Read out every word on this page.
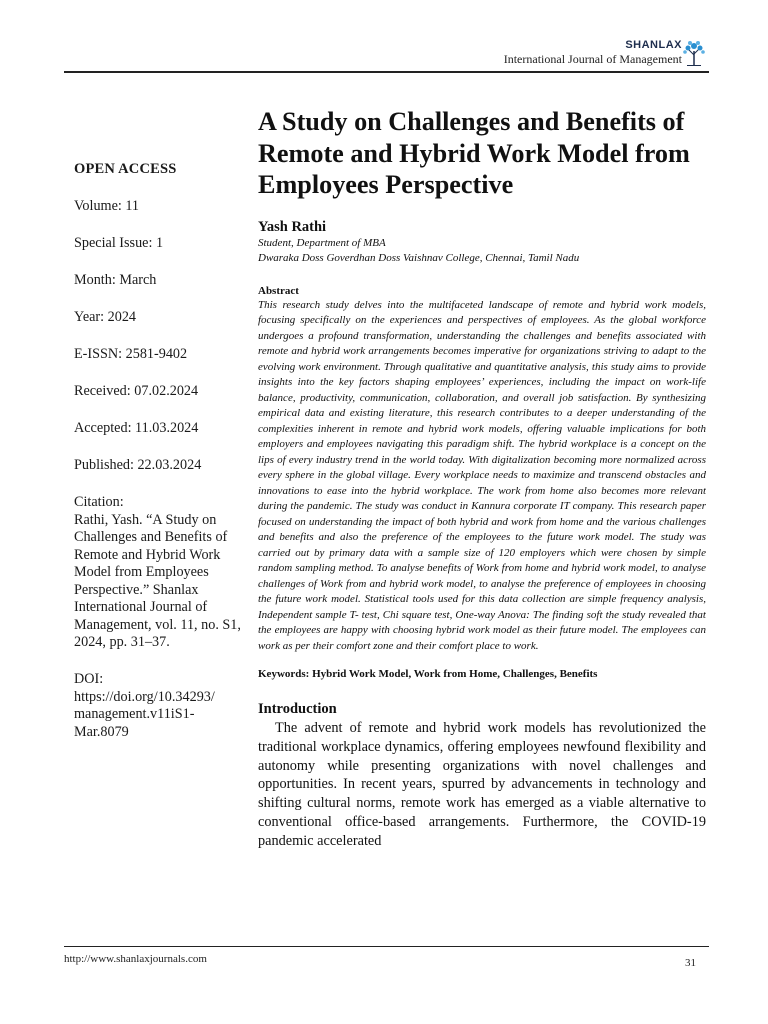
SHANLAX
International Journal of Management
OPEN ACCESS
Volume: 11
Special Issue: 1
Month: March
Year: 2024
E-ISSN: 2581-9402
Received: 07.02.2024
Accepted: 11.03.2024
Published: 22.03.2024
Citation:
Rathi, Yash. “A Study on Challenges and Benefits of Remote and Hybrid Work Model from Employees Perspective.” Shanlax International Journal of Management, vol. 11, no. S1, 2024, pp. 31–37.
DOI:
https://doi.org/10.34293/ management.v11iS1-Mar.8079
A Study on Challenges and Benefits of Remote and Hybrid Work Model from Employees Perspective
Yash Rathi
Student, Department of MBA
Dwaraka Doss Goverdhan Doss Vaishnav College, Chennai, Tamil Nadu
Abstract

This research study delves into the multifaceted landscape of remote and hybrid work models, focusing specifically on the experiences and perspectives of employees. As the global workforce undergoes a profound transformation, understanding the challenges and benefits associated with remote and hybrid work arrangements becomes imperative for organizations striving to adapt to the evolving work environment. Through qualitative and quantitative analysis, this study aims to provide insights into the key factors shaping employees’ experiences, including the impact on work-life balance, productivity, communication, collaboration, and overall job satisfaction. By synthesizing empirical data and existing literature, this research contributes to a deeper understanding of the complexities inherent in remote and hybrid work models, offering valuable implications for both employers and employees navigating this paradigm shift. The hybrid workplace is a concept on the lips of every industry trend in the world today. With digitalization becoming more normalized across every sphere in the global village. Every workplace needs to maximize and transcend obstacles and innovations to ease into the hybrid workplace. The work from home also becomes more relevant during the pandemic. The study was conduct in Kannura corporate IT company. This research paper focused on understanding the impact of both hybrid and work from home and the various challenges and benefits and also the preference of the employees to the future work model. The study was carried out by primary data with a sample size of 120 employers which were chosen by simple random sampling method. To analyse benefits of Work from home and hybrid work model, to analyse challenges of Work from and hybrid work model, to analyse the preference of employees in choosing the future work model. Statistical tools used for this data collection are simple frequency analysis, Independent sample T- test, Chi square test, One-way Anova: The finding soft the study revealed that the employees are happy with choosing hybrid work model as their future model. The employees can work as per their comfort zone and their comfort place to work.

Keywords: Hybrid Work Model, Work from Home, Challenges, Benefits
Introduction

The advent of remote and hybrid work models has revolutionized the traditional workplace dynamics, offering employees newfound flexibility and autonomy while presenting organizations with novel challenges and opportunities. In recent years, spurred by advancements in technology and shifting cultural norms, remote work has emerged as a viable alternative to conventional office-based arrangements. Furthermore, the COVID-19 pandemic accelerated

http://www.shanlaxjournals.com	31
